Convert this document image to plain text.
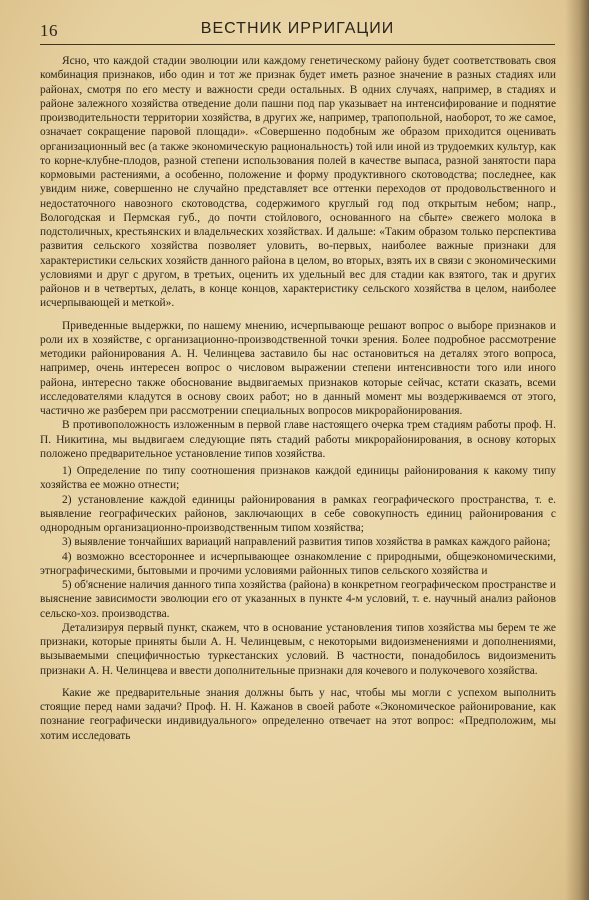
16	ВЕСТНИК ИРРИГАЦИИ

Ясно, что каждой стадии эволюции или каждому генетическому району будет соответствовать своя комбинация признаков, ибо один и тот же признак будет иметь разное значение в разных стадиях или районах, смотря по его месту и важности среди остальных. В одних случаях, например, в стадиях и районе залежного хозяйства отведение доли пашни под пар указывает на интенсифирование и поднятие производительности территории хозяйства, в других же, например, трапопольной, наоборот, то же самое, означает сокращение паровой площади». «Совершенно подобным же образом приходится оценивать организационный вес (а также экономическую рациональность) той или иной из трудоемких культур, как то корне-клубне-плодов, разной степени использования полей в качестве выпаса, разной занятости пара кормовыми растениями, а особенно, положение и форму продуктивного скотоводства; последнее, как увидим ниже, совершенно не случайно представляет все оттенки переходов от продовольственного и недостаточного навозного скотоводства, содержимого круглый год под открытым небом; напр., Вологодская и Пермская губ., до почти стойлового, основанного на сбыте» свежего молока в подстоличных, крестьянских и владельческих хозяйствах. И дальше: «Таким образом только перспектива развития сельского хозяйства позволяет уловить, во-первых, наиболее важные признаки для характеристики сельских хозяйств данного района в целом, во вторых, взять их в связи с экономическими условиями и друг с другом, в третьих, оценить их удельный вес для стадии как взятого, так и других районов и в четвертых, делать, в конце концов, характеристику сельского хозяйства в целом, наиболее исчерпывающей и меткой».

Приведенные выдержки, по нашему мнению, исчерпывающе решают вопрос о выборе признаков и роли их в хозяйстве, с организационно-производственной точки зрения. Более подробное рассмотрение методики районирования А. Н. Челинцева заставило бы нас остановиться на деталях этого вопроса, например, очень интересен вопрос о числовом выражении степени интенсивности того или иного района, интересно также обоснование выдвигаемых признаков которые сейчас, кстати сказать, всеми исследователями кладутся в основу своих работ; но в данный момент мы воздерживаемся от этого, частично же разберем при рассмотрении специальных вопросов микрорайонирования.

В противоположность изложенным в первой главе настоящего очерка трем стадиям работы проф. Н. П. Никитина, мы выдвигаем следующие пять стадий работы микрорайонирования, в основу которых положено предварительное установление типов хозяйства.

1) Определение по типу соотношения признаков каждой единицы районирования к какому типу хозяйства ее можно отнести;

2) установление каждой единицы районирования в рамках географического пространства, т. е. выявление географических районов, заключающих в себе совокупность единиц районирования с однородным организационно-производственным типом хозяйства;

3) выявление тончайших вариаций направлений развития типов хозяйства в рамках каждого района;

4) возможно всестороннее и исчерпывающее ознакомление с природными, общеэкономическими, этнографическими, бытовыми и прочими условиями районных типов сельского хозяйства и

5) об'яснение наличия данного типа хозяйства (района) в конкретном географическом пространстве и выяснение зависимости эволюции его от указанных в пункте 4-м условий, т. е. научный анализ районов сельско-хоз. производства.

Детализируя первый пункт, скажем, что в основание установления типов хозяйства мы берем те же признаки, которые приняты были А. Н. Челинцевым, с некоторыми видоизменениями и дополнениями, вызываемыми специфичностью туркестанских условий. В частности, понадобилось видоизменить признаки А. Н. Челинцева и ввести дополнительные признаки для кочевого и полукочевого хозяйства.

Какие же предварительные знания должны быть у нас, чтобы мы могли с успехом выполнить стоящие перед нами задачи? Проф. Н. Н. Кажанов в своей работе «Экономическое районирование, как познание географически индивидуального» определенно отвечает на этот вопрос: «Предположим, мы хотим исследовать
